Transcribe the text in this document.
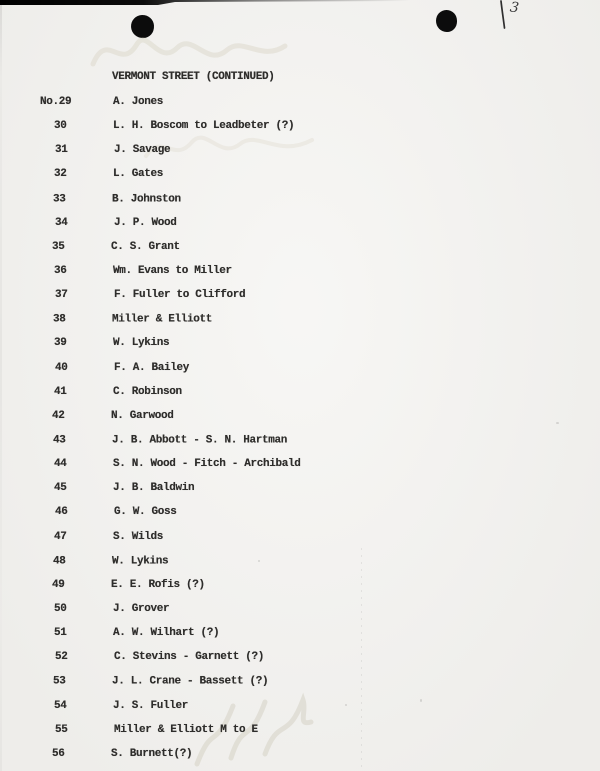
3
VERMONT STREET (CONTINUED)
No.29	A. Jones
30	L. H. Boscom to Leadbeter (?)
31	J. Savage
32	L. Gates
33	B. Johnston
34	J. P. Wood
35	C. S. Grant
36	Wm. Evans to Miller
37	F. Fuller to Clifford
38	Miller & Elliott
39	W. Lykins
40	F. A. Bailey
41	C. Robinson
42	N. Garwood
43	J. B. Abbott - S. N. Hartman
44	S. N. Wood - Fitch - Archibald
45	J. B. Baldwin
46	G. W. Goss
47	S. Wilds
48	W. Lykins
49	E. E. Rofis (?)
50	J. Grover
51	A. W. Wilhart (?)
52	C. Stevins - Garnett (?)
53	J. L. Crane - Bassett (?)
54	J. S. Fuller
55	Miller & Elliott M to E
56	S. Burnett(?)
